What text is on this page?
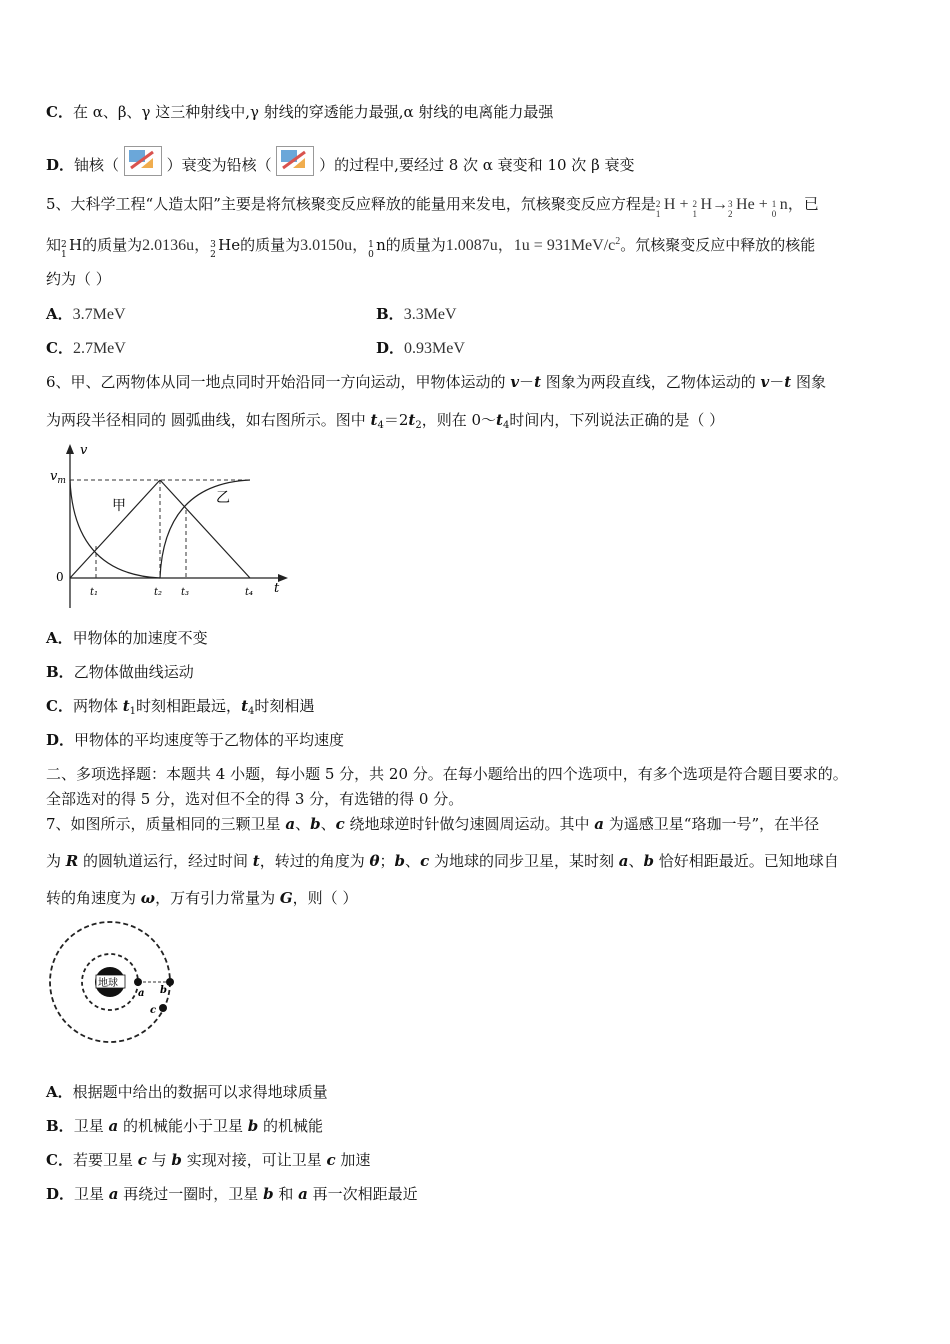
C．在 α、β、γ 这三种射线中,γ 射线的穿透能力最强,α 射线的电离能力最强
D．铀核（	）衰变为铅核（	）的过程中,要经过 8 次 α 衰变和 10 次 β 衰变
5、大科学工程“人造太阳”主要是将氘核聚变反应释放的能量用来发电，氘核聚变反应方程是 2
1
H + 2
1
H→ 3
2
He + 1
0
n，已
知 2
1
H的质量为2.0136u， 3
2
He的质量为3.0150u， 1
0
n的质量为1.0087u，$1u = 931MeV/c^2$。氘核聚变反应中释放的核能
约为（ ）
A．3.7MeV	B．3.3MeV
C．2.7MeV	D．0.93MeV
6、甲、乙两物体从同一地点同时开始沿同一方向运动，甲物体运动的 v－t 图象为两段直线，乙物体运动的 v－t 图象
为两段半径相同的 圆弧曲线，如右图所示。图中 $t_4=2t_2$，则在 $0\sim t_4$时间内，下列说法正确的是（ ）
v
$v_m$
0
t
甲	乙
t₁	t₂ t₃	t₄
A．甲物体的加速度不变
B．乙物体做曲线运动
C．两物体 $t_1$时刻相距最远，$t_4$时刻相遇
D．甲物体的平均速度等于乙物体的平均速度
二、多项选择题：本题共 4 小题，每小题 5 分，共 20 分。在每小题给出的四个选项中，有多个选项是符合题目要求的。
全部选对的得 5 分，选对但不全的得 3 分，有选错的得 0 分。
7、如图所示，质量相同的三颗卫星 a、b、c 绕地球逆时针做匀速圆周运动。其中 a 为遥感卫星“珞珈一号”，在半径
为 R 的圆轨道运行，经过时间 t，转过的角度为 θ；b、c 为地球的同步卫星，某时刻 a、b 恰好相距最近。已知地球自
转的角速度为 ω，万有引力常量为 G，则（ ）
地球
a b
c
A．根据题中给出的数据可以求得地球质量
B．卫星 a 的机械能小于卫星 b 的机械能
C．若要卫星 c 与 b 实现对接，可让卫星 c 加速
D．卫星 a 再绕过一圈时，卫星 b 和 a 再一次相距最近
